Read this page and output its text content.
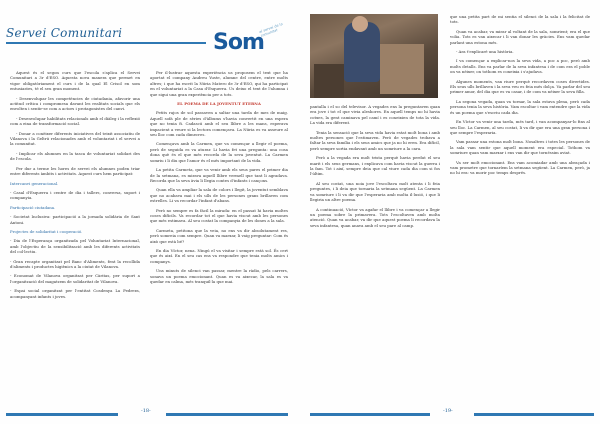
Servei Comunitari	Som
el servei de la comunitat

Aquest és el segon curs que l'escola s'aplica el Servei Comunitari a 3r d'ESO. Aquesta nova manera que permet en vigor obligatòriament el curs i de la qual El Crisol en som entusiastes, té el seu gran moment.

- Desenvolupar les competències de ciutadania, afavorir una actitud crítica i compromesa davant les realitats socials que els envolten i sentir-se com a actors i protagonistes del canvi.

- Desenvolupar habilitats relacionals amb el diàleg i la reflexió com a eina de transformació social.

- Donar a conèixer diferents iniciatives del teixit associatiu de Vilanova i la Geltrú relacionades amb el voluntariat i el servei a la comunitat.

- Implicar els alumnes en la tasca de voluntariat solidari des de l'escola.

Per dur a terme les hores de servei els alumnes poden triar entre diferents àmbits i activitats. Aquest curs hem participat:

Intercanvi generacional.

- Casal d'Esquerra i centre de dia i tallers, conversa, suport i companyia.

Participació ciutadana.

- Societat Inclusiva: participació a la jornada solidària de Sant Antoni.

Projectes de solidaritat i cooperació.

- Dia de l'Esperança organitzada pel Voluntariat Internacional, amb l'objectiu de la sensibilització amb les diferents activitats del col·lectiu.

- Gran recapte organitzat pel Banc d'Aliments, fent la recollida d'aliments i productes higiènics a la ciutat de Vilanova.

- Economat de Vilanova organitzat per Càritas, per suport a l'organització del magatzem de solidaritat de Vilanova.

- Espai social organitzat per l'entitat Cosdenya La Pedrera, acompanyant infants i joves.

Per il·lustrar aquesta experiència us proposem el text que ha aportat el company Andreu Yuste, alumne del centre, entre molts altres; i que ha escrit la Núria Matero de 3r d'ESO, qui ha participat en el voluntariat a la Casa d'Esquerra. Us deixo el text de l'alumna i que sigui una gran experiència per a tots.

EL POEMA DE LA JOVENTUT ETERNA

Petits rajos de sol passaven a saltar una tarda de mes de maig. Aquell sofà ple de sèries d'àlbums s'havia convertit en una espera que no tenia fi. Cadascú amb el seu llibre a les mans, esperava impacient a veure si la lectora començava. La Núria es va asseure al seu lloc com cada dimecres.

Començava amb la Carmen, que va començar a llegir el poema, però de seguida es va aturar. Li havia fet una pregunta: una cosa dona què és el que més recorda de la seva joventut. La Carmen somriu i li diu que l'amor és el més important de la vida.

La petita Carmeta, que va venir amb els seus pares el primer dia de la setmana, es mirava aquell llibre vermell que tant li agradava. Recorda que la seva àvia li llegia contes d'infants i cançons.

Quan ella va ampliar la sala de colors i llegit, la joventut semblava que no acabava mai i els ulls de les persones grans brillaven com estrelles. Li va recordar l'infant d'abans.

Però no sempre es fa fàcil la mirada: en el passat hi havia moltes coses difícils. Va recordar tot el que havia viscut amb les persones que més estimava. Al seu costat la companyia de les dones a la sala.

Carmeta, petitona que la veia, no ens va dir absolutament res, però somreia com sempre. Quan va marxar, li vaig preguntar: Com és això que està bé?

En dia Víctor, nena. Ningú el va visitar i sempre està sol. És cert que és així. En el seu cas ens va respondre que tenia molts amics i companys.

Uns minuts de silenci van passar, mentre la ràdio, pels carrers, sonava un poema emocionant. Quan es va aixecar, la sala es va quedar en calma, més tranquil·la que mai.

-18-

pantalla i el so del televisor. A vegades ens la preguntaven quan era jove i tot el que vivia aleshores. En aquell temps no hi havia cotxes, la gent caminava pel camí i es coneixien de tota la vida. La vida era diferent.

Tenia la sensació que la seva vida havia estat molt bona i amb moltes persones que l'estimaven. Però de vegades trobava a faltar la seva família i els seus amics que ja no hi eren. Era difícil, però sempre sortia endavant amb un somriure a la cara.

Però a la vegada era molt trista perquè havia perdut el seu marit i els seus germans, i explicava com havia viscut la guerra i la fam. Tot i així, sempre deia que cal viure cada dia com si fos l'últim.

Al seu costat, una noia jove l'escoltava molt atenta i li feia preguntes, i li deia que tornaria la setmana següent. La Carmen va somriure i li va dir que l'esperaria amb molta il·lusió, i que li llegiria un altre poema.

A continuació, Víctor va agafar el llibre i va començar a llegir un poema sobre la primavera. Tots l'escoltaven amb molta atenció. Quan va acabar, va dir que aquest poema li recordava la seva infantesa, quan anava amb el seu pare al camp.

que una petita part de mi sentia el silenci de la sala i la felicitat de tots.

Quan va acabar, va mirar al voltant de la sala, somrient; era el que volia. Tots es van aixecar i li van donar les gràcies. Ens vam quedar parlant una estona més.

- Ara t'explicaré una història.

I va començar a explicar-nos la seva vida, a poc a poc, però amb molts detalls. Ens va parlar de la seva infantesa i de com era el poble on va néixer, on tothom es coneixia i s'ajudava.

Algunes moments, van riure perquè recordaven coses divertides. Els seus ulls brillaven i la seva veu es feia més dolça. Va parlar del seu primer amor, del dia que es va casar, i de com va néixer la seva filla.

La segona vegada, quan va tornar, la sala estava plena, però cada persona tenia la seva història. Vam escoltar i vam entendre que la vida és un poema que s'escriu cada dia.

En Víctor va venir una tarda, més tard, i van acompanyar-lo fins al seu lloc. La Carmen, al seu costat, li va dir que era una gran persona i que sempre l'esperaria.

Vam passar una estona molt bona. Nosaltres i totes les persones de la sala vam sentir que aquell moment era especial. Tothom va somriure quan vam marxar i ens van dir que tornéssim aviat.

Va ser molt emocionant. Ens vam acomiadar amb una abraçada i vam prometre que tornaríem la setmana següent. La Carmen, però, ja no hi era: va morir poc temps després.

-19-
